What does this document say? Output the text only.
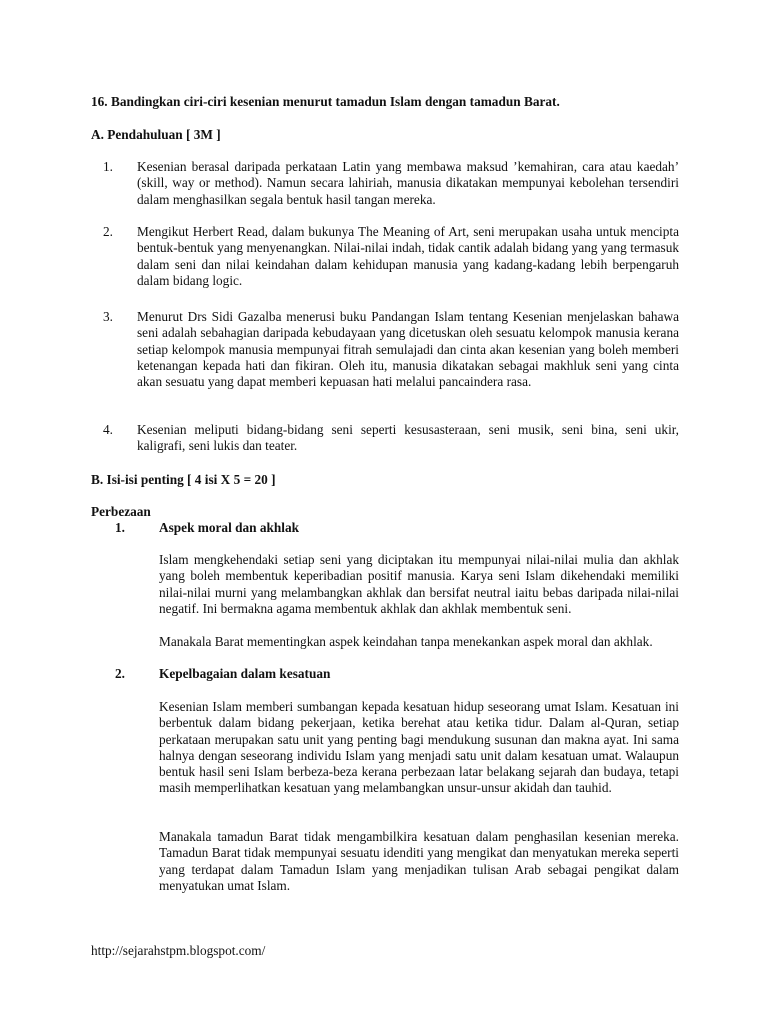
16. Bandingkan ciri-ciri kesenian menurut tamadun Islam dengan tamadun Barat.
A. Pendahuluan [ 3M ]
1.	Kesenian berasal daripada perkataan Latin yang membawa maksud ’kemahiran, cara atau kaedah’ (skill, way or method). Namun secara lahiriah, manusia dikatakan mempunyai kebolehan tersendiri dalam menghasilkan segala bentuk hasil tangan mereka.
2.	Mengikut Herbert Read, dalam bukunya The Meaning of Art, seni merupakan usaha untuk mencipta bentuk-bentuk yang menyenangkan. Nilai-nilai indah, tidak cantik adalah bidang yang yang termasuk dalam seni dan nilai keindahan dalam kehidupan manusia yang kadang-kadang lebih berpengaruh dalam bidang logic.
3.	Menurut Drs Sidi Gazalba menerusi buku Pandangan Islam tentang Kesenian menjelaskan bahawa seni adalah sebahagian daripada kebudayaan yang dicetuskan oleh sesuatu kelompok manusia kerana setiap kelompok manusia mempunyai fitrah semulajadi dan cinta akan kesenian yang boleh memberi ketenangan kepada hati dan fikiran. Oleh itu, manusia dikatakan sebagai makhluk seni yang cinta akan sesuatu yang dapat memberi kepuasan hati melalui pancaindera rasa.
4.	Kesenian meliputi bidang-bidang seni seperti kesusasteraan, seni musik, seni bina, seni ukir, kaligrafi, seni lukis dan teater.
B. Isi-isi penting [ 4 isi X 5 = 20 ]
Perbezaan
1.	Aspek moral dan akhlak
Islam mengkehendaki setiap seni yang diciptakan itu mempunyai nilai-nilai mulia dan akhlak yang boleh membentuk keperibadian positif manusia. Karya seni Islam dikehendaki memiliki nilai-nilai murni yang melambangkan akhlak dan bersifat neutral iaitu bebas daripada nilai-nilai negatif. Ini bermakna agama membentuk akhlak dan akhlak membentuk seni.
Manakala Barat mementingkan aspek keindahan tanpa menekankan aspek moral dan akhlak.
2.	Kepelbagaian dalam kesatuan
Kesenian Islam memberi sumbangan kepada kesatuan hidup seseorang umat Islam. Kesatuan ini berbentuk dalam bidang pekerjaan, ketika berehat atau ketika tidur. Dalam al-Quran, setiap perkataan merupakan satu unit yang penting bagi mendukung susunan dan makna ayat. Ini sama halnya dengan seseorang individu Islam yang menjadi satu unit dalam kesatuan umat. Walaupun bentuk hasil seni Islam berbeza-beza kerana perbezaan latar belakang sejarah dan budaya, tetapi masih memperlihatkan kesatuan yang melambangkan unsur-unsur akidah dan tauhid.
Manakala tamadun Barat tidak mengambilkira kesatuan dalam penghasilan kesenian mereka. Tamadun Barat tidak mempunyai sesuatu idenditi yang mengikat dan menyatukan mereka seperti yang terdapat dalam Tamadun Islam yang menjadikan tulisan Arab sebagai pengikat dalam menyatukan umat Islam.
http://sejarahstpm.blogspot.com/
